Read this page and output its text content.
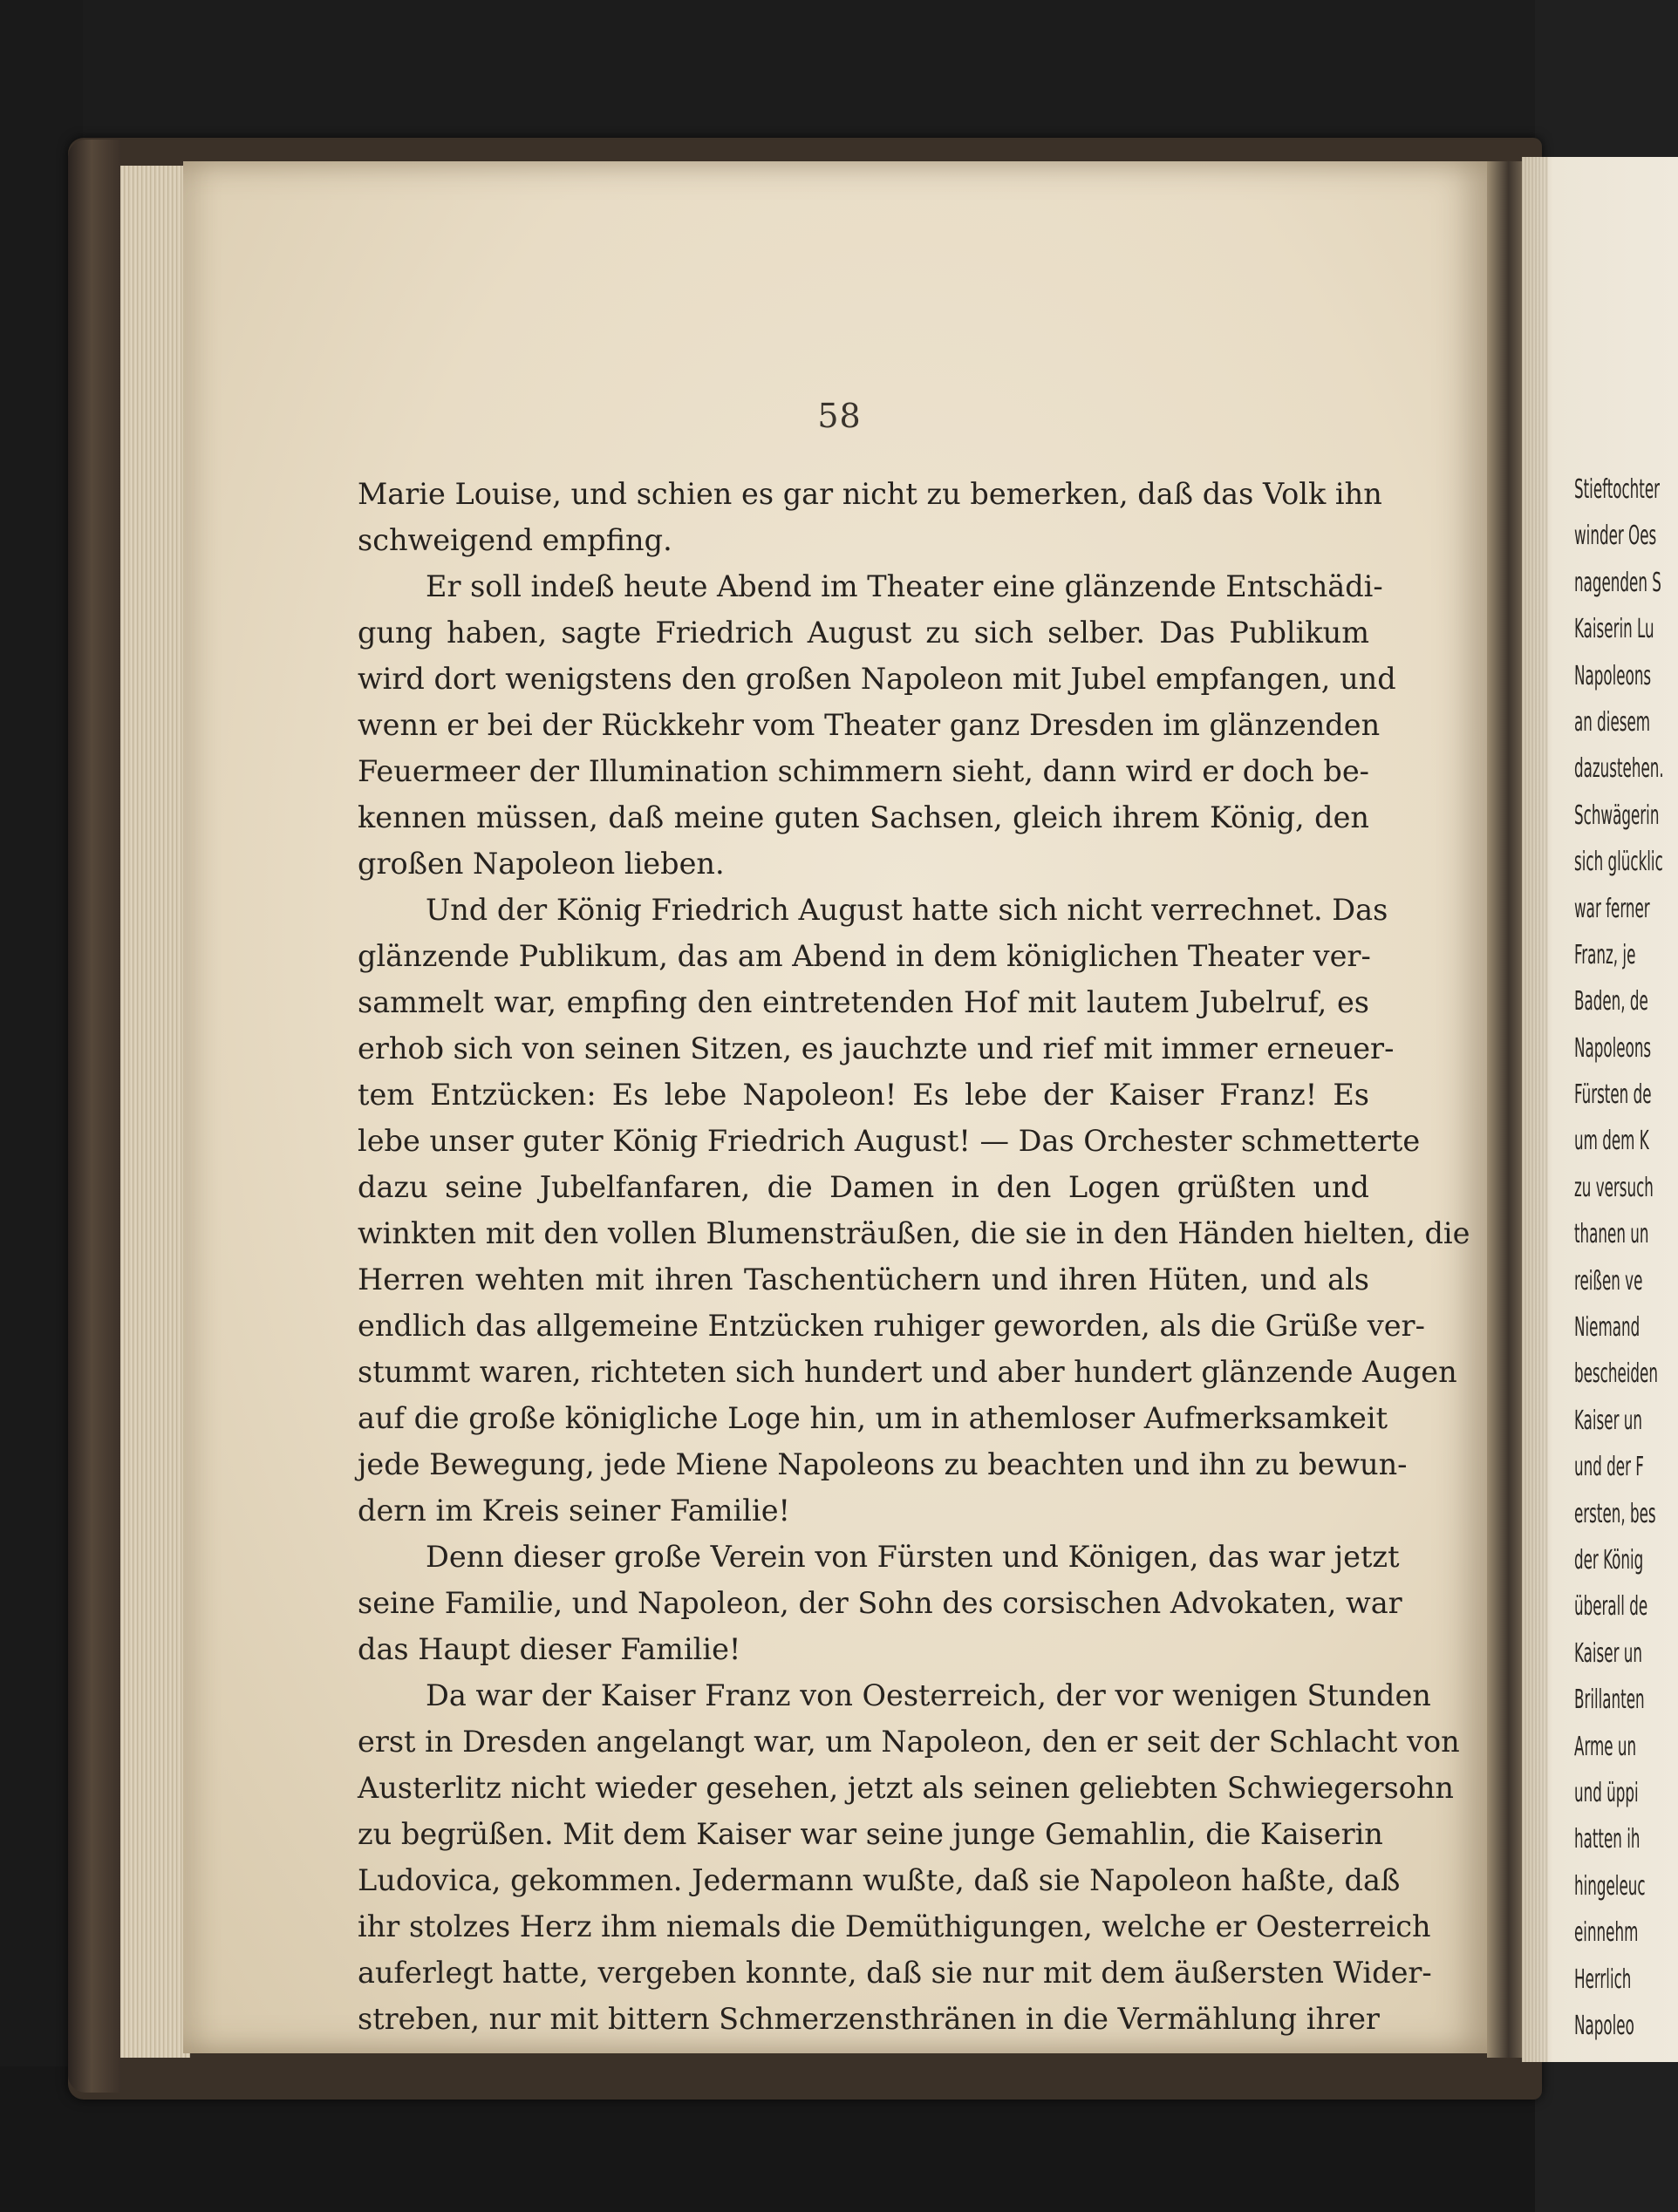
58
Marie Louise, und schien es gar nicht zu bemerken, daß das Volk ihn
schweigend empfing.
Er soll indeß heute Abend im Theater eine glänzende Entschädi-
gung haben, sagte Friedrich August zu sich selber. Das Publikum
wird dort wenigstens den großen Napoleon mit Jubel empfangen, und
wenn er bei der Rückkehr vom Theater ganz Dresden im glänzenden
Feuermeer der Illumination schimmern sieht, dann wird er doch be-
kennen müssen, daß meine guten Sachsen, gleich ihrem König, den
großen Napoleon lieben.
Und der König Friedrich August hatte sich nicht verrechnet. Das
glänzende Publikum, das am Abend in dem königlichen Theater ver-
sammelt war, empfing den eintretenden Hof mit lautem Jubelruf, es
erhob sich von seinen Sitzen, es jauchzte und rief mit immer erneuer-
tem Entzücken: Es lebe Napoleon! Es lebe der Kaiser Franz! Es
lebe unser guter König Friedrich August! — Das Orchester schmetterte
dazu seine Jubelfanfaren, die Damen in den Logen grüßten und
winkten mit den vollen Blumensträußen, die sie in den Händen hielten, die
Herren wehten mit ihren Taschentüchern und ihren Hüten, und als
endlich das allgemeine Entzücken ruhiger geworden, als die Grüße ver-
stummt waren, richteten sich hundert und aber hundert glänzende Augen
auf die große königliche Loge hin, um in athemloser Aufmerksamkeit
jede Bewegung, jede Miene Napoleons zu beachten und ihn zu bewun-
dern im Kreis seiner Familie!
Denn dieser große Verein von Fürsten und Königen, das war jetzt
seine Familie, und Napoleon, der Sohn des corsischen Advokaten, war
das Haupt dieser Familie!
Da war der Kaiser Franz von Oesterreich, der vor wenigen Stunden
erst in Dresden angelangt war, um Napoleon, den er seit der Schlacht von
Austerlitz nicht wieder gesehen, jetzt als seinen geliebten Schwiegersohn
zu begrüßen. Mit dem Kaiser war seine junge Gemahlin, die Kaiserin
Ludovica, gekommen. Jedermann wußte, daß sie Napoleon haßte, daß
ihr stolzes Herz ihm niemals die Demüthigungen, welche er Oesterreich
auferlegt hatte, vergeben konnte, daß sie nur mit dem äußersten Wider-
streben, nur mit bittern Schmerzensthränen in die Vermählung ihrer
Stieftochter
winder Oes
nagenden S
Kaiserin Lu
Napoleons
an diesem
dazustehen.
Schwägerin
sich glücklic
war ferner
Franz, je
Baden, de
Napoleons
Fürsten de
um dem K
zu versuch
thanen un
reißen ve
Niemand
bescheiden
Kaiser un
und der F
ersten, bes
der König
überall de
Kaiser un
Brillanten
Arme un
und üppi
hatten ih
hingeleuc
einnehm
Herrlich
Napoleo
